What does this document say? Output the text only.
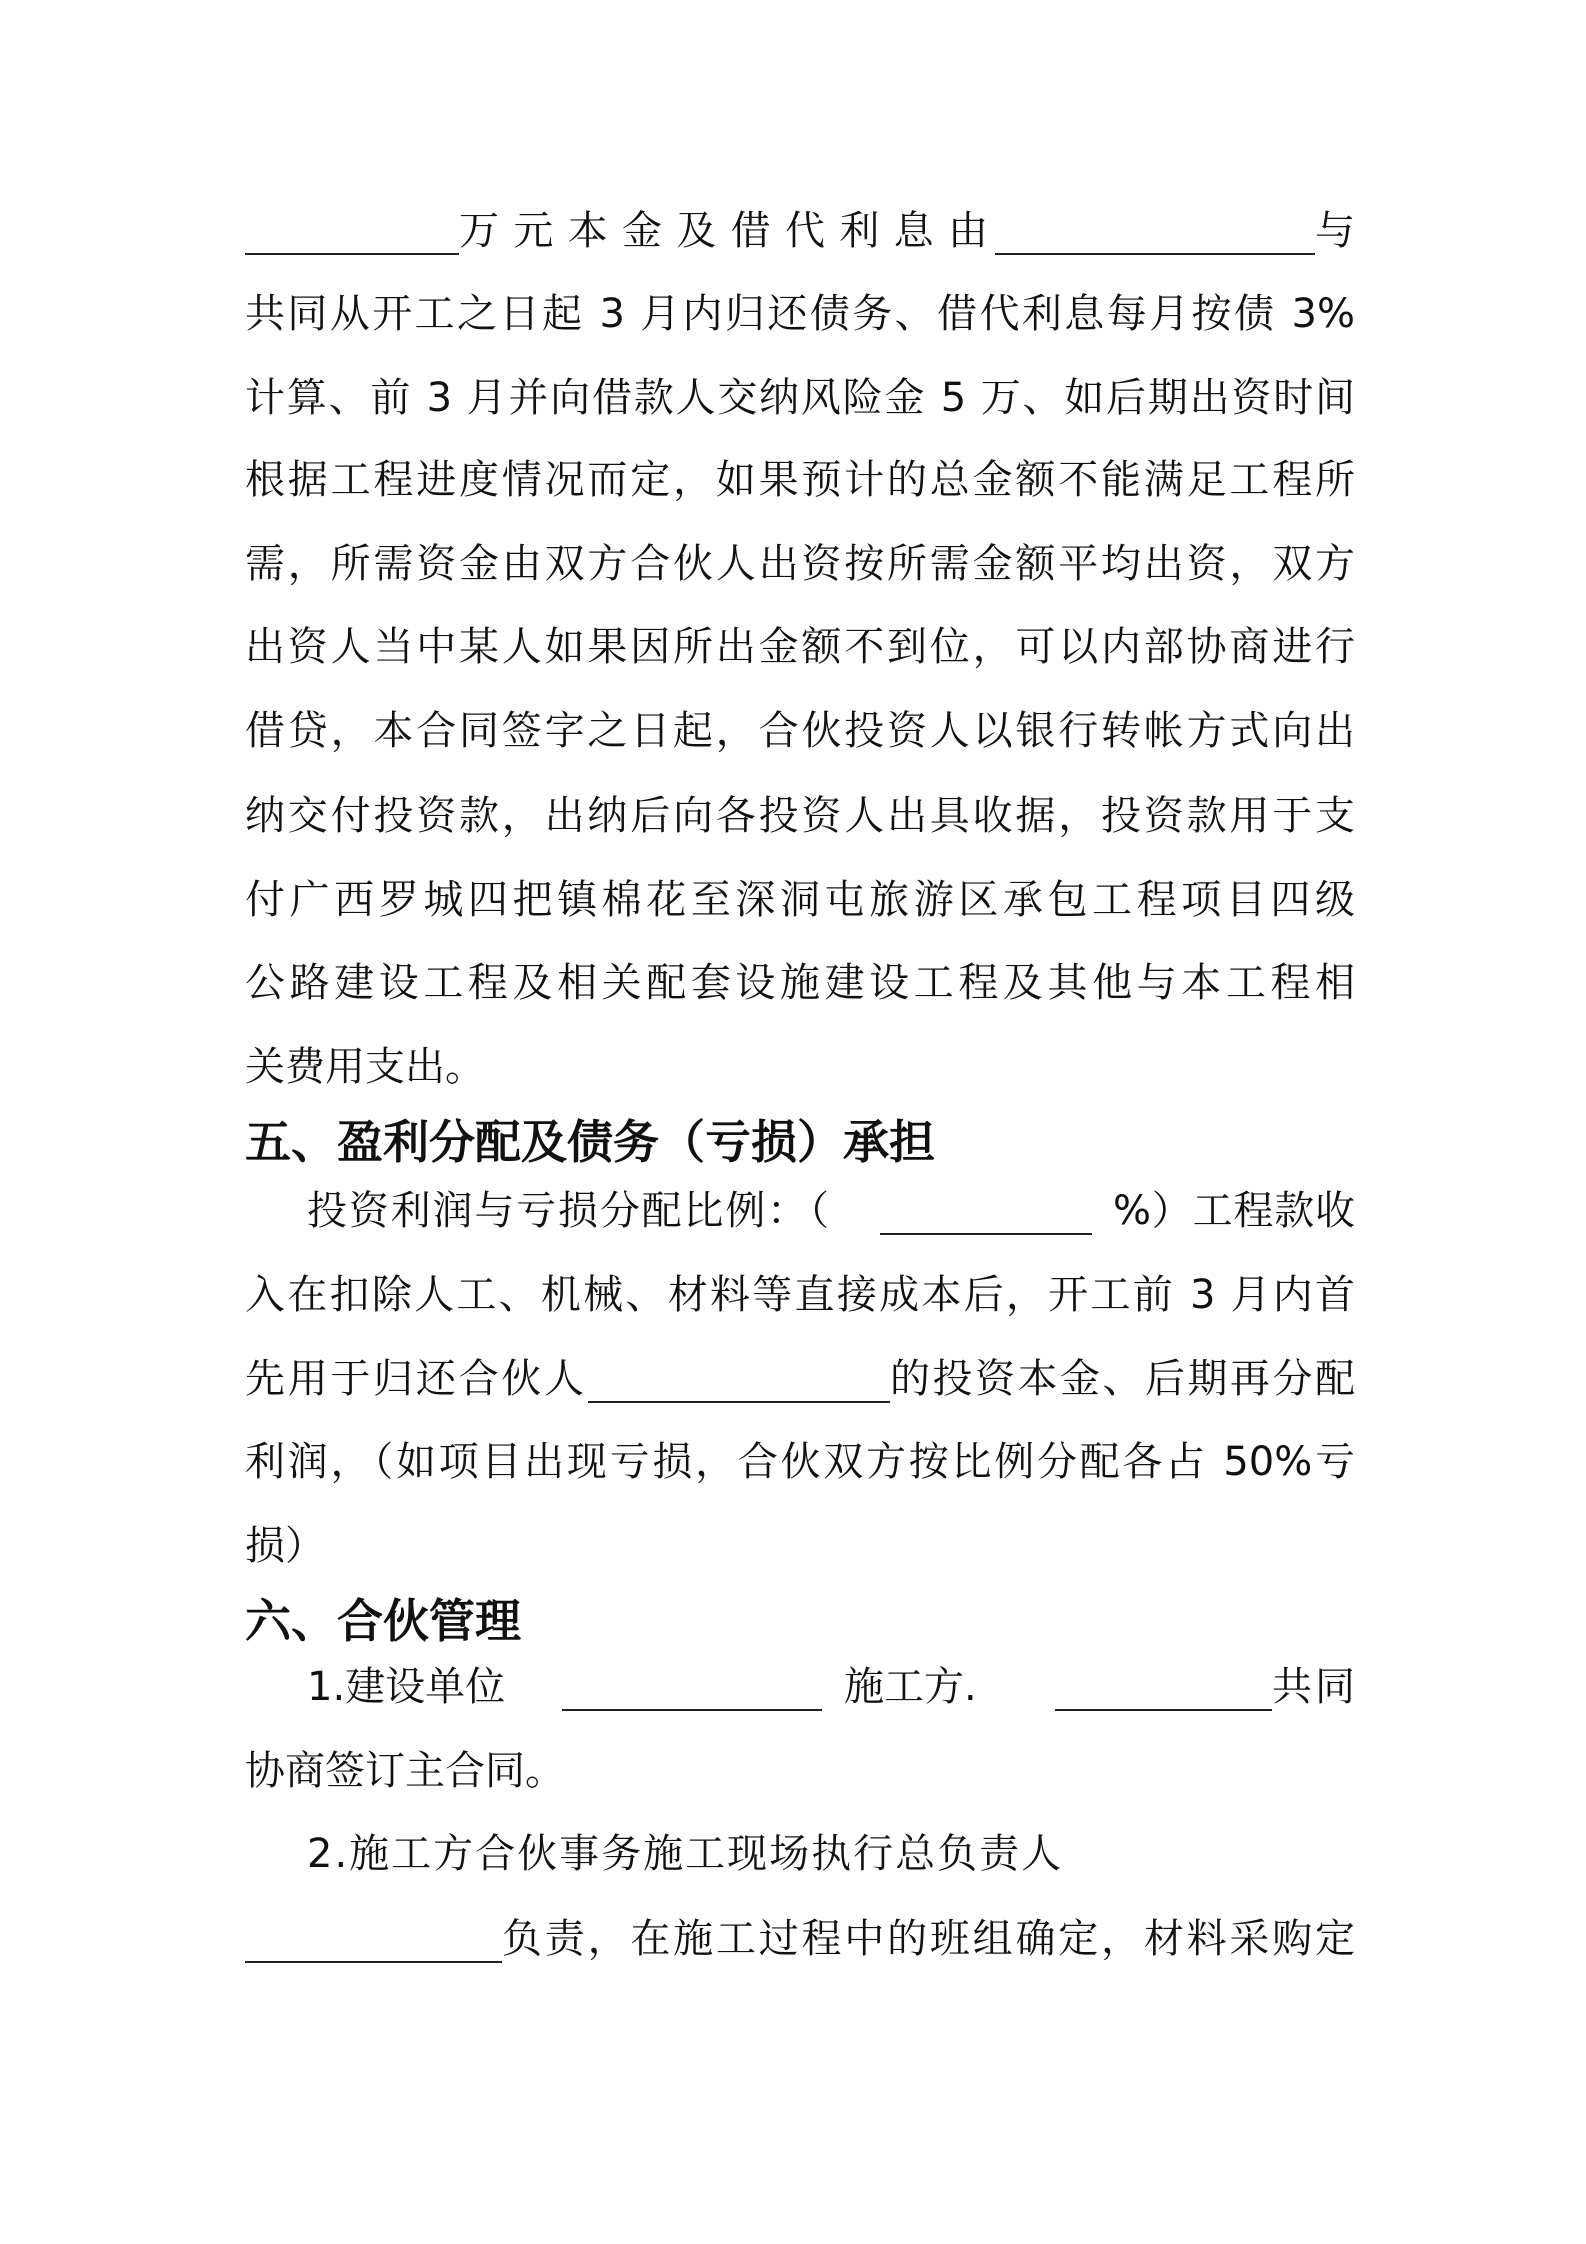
万元本金及借代利息由	与
共同从开工之日起 3 月内归还债务、借代利息每月按债 3%
计算、前 3 月并向借款人交纳风险金 5 万、如后期出资时间
根据工程进度情况而定，如果预计的总金额不能满足工程所
需，所需资金由双方合伙人出资按所需金额平均出资，双方
出资人当中某人如果因所出金额不到位，可以内部协商进行
借贷，本合同签字之日起，合伙投资人以银行转帐方式向出
纳交付投资款，出纳后向各投资人出具收据，投资款用于支
付广西罗城四把镇棉花至深洞屯旅游区承包工程项目四级
公路建设工程及相关配套设施建设工程及其他与本工程相
关费用支出。
五、盈利分配及债务（亏损）承担
投资利润与亏损分配比例：（	%）工程款收
入在扣除人工、机械、材料等直接成本后，开工前 3 月内首
先用于归还合伙人	的投资本金、后期再分配
利润，（如项目出现亏损，合伙双方按比例分配各占 50%亏
损）
六、合伙管理
1.建设单位	施工方.	共同
协商签订主合同。
2.施工方合伙事务施工现场执行总负责人
负责，在施工过程中的班组确定，材料采购定
